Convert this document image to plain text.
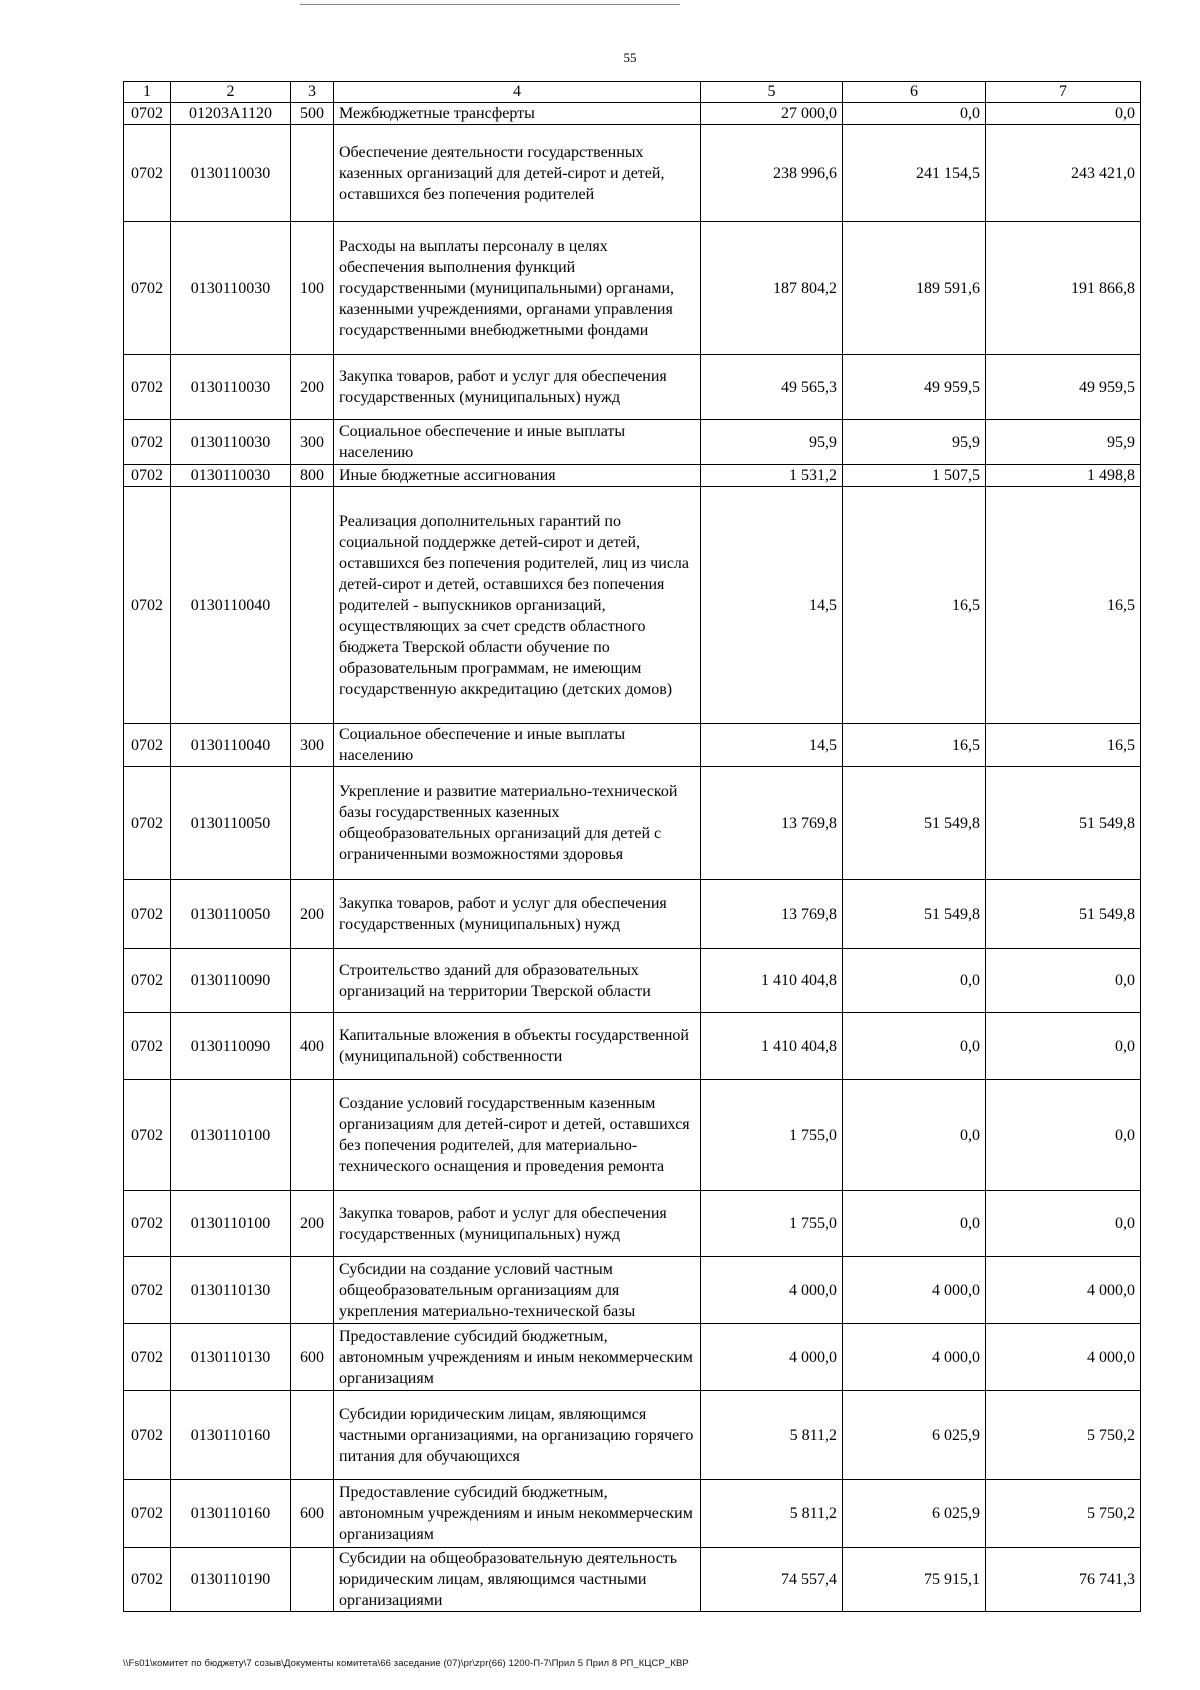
55
1	2	3	4	5	6	7
0702	01203A1120	500	Межбюджетные трансферты	27 000,0	0,0	0,0
0702	0130110030		Обеспечение деятельности государственных казенных организаций для детей-сирот и детей, оставшихся без попечения родителей	238 996,6	241 154,5	243 421,0
0702	0130110030	100	Расходы на выплаты персоналу в целях обеспечения выполнения функций государственными (муниципальными) органами, казенными учреждениями, органами управления государственными внебюджетными фондами	187 804,2	189 591,6	191 866,8
0702	0130110030	200	Закупка товаров, работ и услуг для обеспечения государственных (муниципальных) нужд	49 565,3	49 959,5	49 959,5
0702	0130110030	300	Социальное обеспечение и иные выплаты населению	95,9	95,9	95,9
0702	0130110030	800	Иные бюджетные ассигнования	1 531,2	1 507,5	1 498,8
0702	0130110040		Реализация дополнительных гарантий по социальной поддержке детей-сирот и детей, оставшихся без попечения родителей, лиц из числа детей-сирот и детей, оставшихся без попечения родителей - выпускников организаций, осуществляющих за счет средств областного бюджета Тверской области обучение по образовательным программам, не имеющим государственную аккредитацию (детских домов)	14,5	16,5	16,5
0702	0130110040	300	Социальное обеспечение и иные выплаты населению	14,5	16,5	16,5
0702	0130110050		Укрепление и развитие материально-технической базы государственных казенных общеобразовательных организаций для детей с ограниченными возможностями здоровья	13 769,8	51 549,8	51 549,8
0702	0130110050	200	Закупка товаров, работ и услуг для обеспечения государственных (муниципальных) нужд	13 769,8	51 549,8	51 549,8
0702	0130110090		Строительство зданий для образовательных организаций на территории Тверской области	1 410 404,8	0,0	0,0
0702	0130110090	400	Капитальные вложения в объекты государственной (муниципальной) собственности	1 410 404,8	0,0	0,0
0702	0130110100		Создание условий государственным казенным организациям для детей-сирот и детей, оставшихся без попечения родителей, для материально-технического оснащения и проведения ремонта	1 755,0	0,0	0,0
0702	0130110100	200	Закупка товаров, работ и услуг для обеспечения государственных (муниципальных) нужд	1 755,0	0,0	0,0
0702	0130110130		Субсидии на создание условий частным общеобразовательным организациям для укрепления материально-технической базы	4 000,0	4 000,0	4 000,0
0702	0130110130	600	Предоставление субсидий бюджетным, автономным учреждениям и иным некоммерческим организациям	4 000,0	4 000,0	4 000,0
0702	0130110160		Субсидии юридическим лицам, являющимся частными организациями, на организацию горячего питания для обучающихся	5 811,2	6 025,9	5 750,2
0702	0130110160	600	Предоставление субсидий бюджетным, автономным учреждениям и иным некоммерческим организациям	5 811,2	6 025,9	5 750,2
0702	0130110190		Субсидии на общеобразовательную деятельность юридическим лицам, являющимся частными организациями	74 557,4	75 915,1	76 741,3
\\Fs01\комитет по бюджету\7 созыв\Документы комитета\66 заседание (07)\pr\zpr(66) 1200-П-7\Прил 5 Прил 8 РП_КЦСР_КВР
